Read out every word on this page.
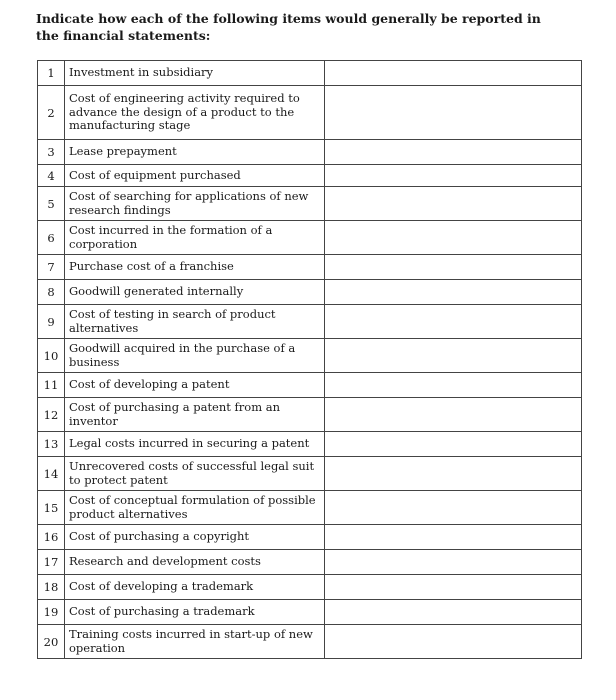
Indicate how each of the following items would generally be reported in the financial statements:
1	Investment in subsidiary	
2	Cost of engineering activity required to advance the design of a product to the manufacturing stage	
3	Lease prepayment	
4	Cost of equipment purchased	
5	Cost of searching for applications of new research findings	
6	Cost incurred in the formation of a corporation	
7	Purchase cost of a franchise	
8	Goodwill generated internally	
9	Cost of testing in search of product alternatives	
10	Goodwill acquired in the purchase of a business	
11	Cost of developing a patent	
12	Cost of purchasing a patent from an inventor	
13	Legal costs incurred in securing a patent	
14	Unrecovered costs of successful legal suit to protect patent	
15	Cost of conceptual formulation of possible product alternatives	
16	Cost of purchasing a copyright	
17	Research and development costs	
18	Cost of developing a trademark	
19	Cost of purchasing a trademark	
20	Training costs incurred in start-up of new operation	
